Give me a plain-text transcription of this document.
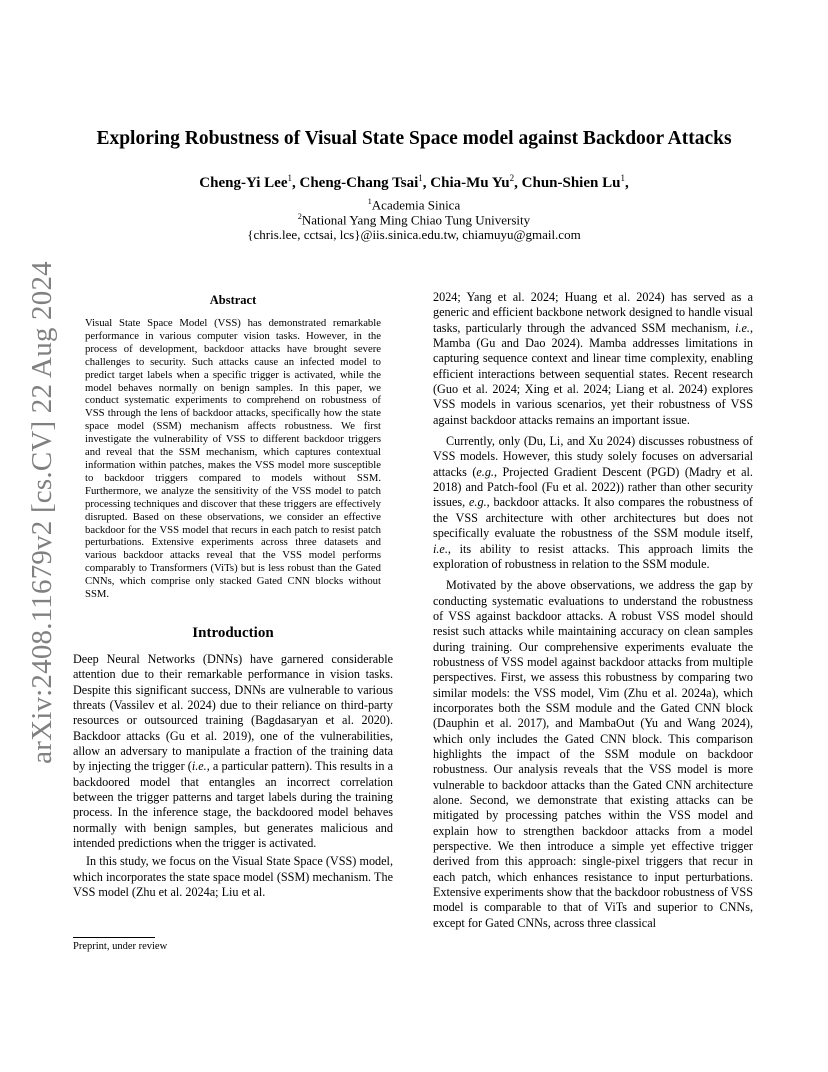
arXiv:2408.11679v2 [cs.CV] 22 Aug 2024
Exploring Robustness of Visual State Space model against Backdoor Attacks
Cheng-Yi Lee$^1$, Cheng-Chang Tsai$^1$, Chia-Mu Yu$^2$, Chun-Shien Lu$^1$,
$^1$Academia Sinica
$^2$National Yang Ming Chiao Tung University
{chris.lee, cctsai, lcs}@iis.sinica.edu.tw, chiamuyu@gmail.com
Abstract

Visual State Space Model (VSS) has demonstrated remarkable performance in various computer vision tasks. However, in the process of development, backdoor attacks have brought severe challenges to security. Such attacks cause an infected model to predict target labels when a specific trigger is activated, while the model behaves normally on benign samples. In this paper, we conduct systematic experiments to comprehend on robustness of VSS through the lens of backdoor attacks, specifically how the state space model (SSM) mechanism affects robustness. We first investigate the vulnerability of VSS to different backdoor triggers and reveal that the SSM mechanism, which captures contextual information within patches, makes the VSS model more susceptible to backdoor triggers compared to models without SSM. Furthermore, we analyze the sensitivity of the VSS model to patch processing techniques and discover that these triggers are effectively disrupted. Based on these observations, we consider an effective backdoor for the VSS model that recurs in each patch to resist patch perturbations. Extensive experiments across three datasets and various backdoor attacks reveal that the VSS model performs comparably to Transformers (ViTs) but is less robust than the Gated CNNs, which comprise only stacked Gated CNN blocks without SSM.

Introduction

Deep Neural Networks (DNNs) have garnered considerable attention due to their remarkable performance in vision tasks. Despite this significant success, DNNs are vulnerable to various threats (Vassilev et al. 2024) due to their reliance on third-party resources or outsourced training (Bagdasaryan et al. 2020). Backdoor attacks (Gu et al. 2019), one of the vulnerabilities, allow an adversary to manipulate a fraction of the training data by injecting the trigger (i.e., a particular pattern). This results in a backdoored model that entangles an incorrect correlation between the trigger patterns and target labels during the training process. In the inference stage, the backdoored model behaves normally with benign samples, but generates malicious and intended predictions when the trigger is activated.

In this study, we focus on the Visual State Space (VSS) model, which incorporates the state space model (SSM) mechanism. The VSS model (Zhu et al. 2024a; Liu et al.

2024; Yang et al. 2024; Huang et al. 2024) has served as a generic and efficient backbone network designed to handle visual tasks, particularly through the advanced SSM mechanism, i.e., Mamba (Gu and Dao 2024). Mamba addresses limitations in capturing sequence context and linear time complexity, enabling efficient interactions between sequential states. Recent research (Guo et al. 2024; Xing et al. 2024; Liang et al. 2024) explores VSS models in various scenarios, yet their robustness of VSS against backdoor attacks remains an important issue.

Currently, only (Du, Li, and Xu 2024) discusses robustness of VSS models. However, this study solely focuses on adversarial attacks (e.g., Projected Gradient Descent (PGD) (Madry et al. 2018) and Patch-fool (Fu et al. 2022)) rather than other security issues, e.g., backdoor attacks. It also compares the robustness of the VSS architecture with other architectures but does not specifically evaluate the robustness of the SSM module itself, i.e., its ability to resist attacks. This approach limits the exploration of robustness in relation to the SSM module.

Motivated by the above observations, we address the gap by conducting systematic evaluations to understand the robustness of VSS against backdoor attacks. A robust VSS model should resist such attacks while maintaining accuracy on clean samples during training. Our comprehensive experiments evaluate the robustness of VSS model against backdoor attacks from multiple perspectives. First, we assess this robustness by comparing two similar models: the VSS model, Vim (Zhu et al. 2024a), which incorporates both the SSM module and the Gated CNN block (Dauphin et al. 2017), and MambaOut (Yu and Wang 2024), which only includes the Gated CNN block. This comparison highlights the impact of the SSM module on backdoor robustness. Our analysis reveals that the VSS model is more vulnerable to backdoor attacks than the Gated CNN architecture alone. Second, we demonstrate that existing attacks can be mitigated by processing patches within the VSS model and explain how to strengthen backdoor attacks from a model perspective. We then introduce a simple yet effective trigger derived from this approach: single-pixel triggers that recur in each patch, which enhances resistance to input perturbations. Extensive experiments show that the backdoor robustness of VSS model is comparable to that of ViTs and superior to CNNs, except for Gated CNNs, across three classical

Preprint, under review
